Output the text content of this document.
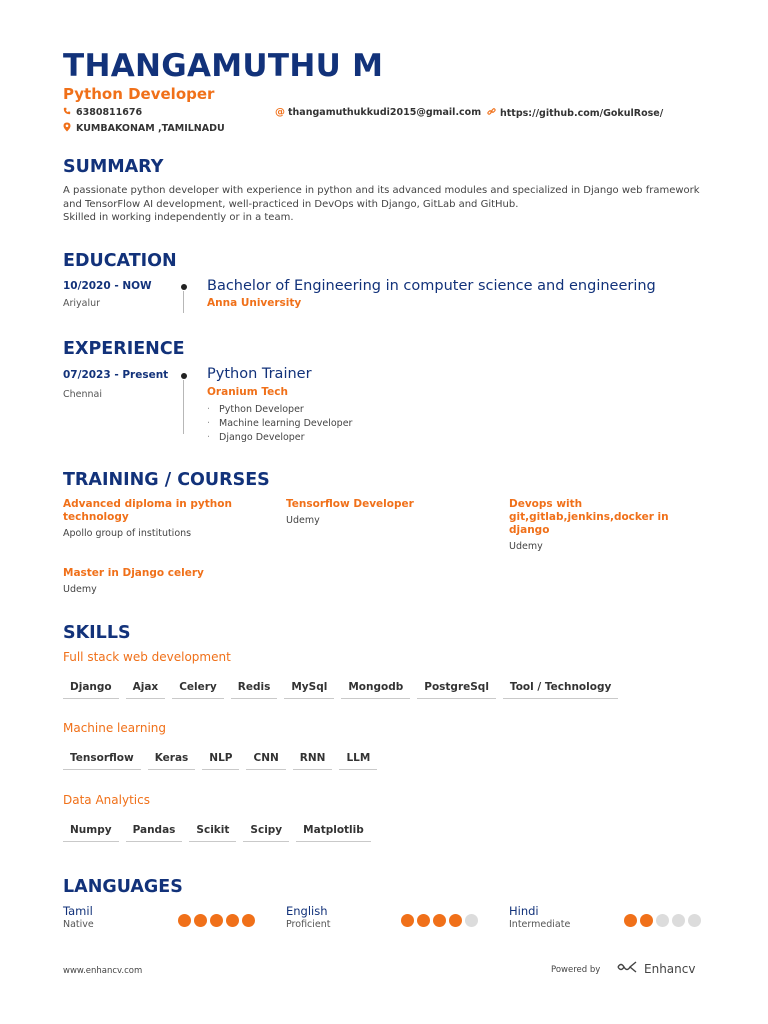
THANGAMUTHU M
Python Developer
6380811676	@ thangamuthukkudi2015@gmail.com https://github.com/GokulRose/
KUMBAKONAM ,TAMILNADU
SUMMARY
A passionate python developer with experience in python and its advanced modules and specialized in Django web framework
and TensorFlow AI development, well-practiced in DevOps with Django, GitLab and GitHub.
Skilled in working independently or in a team.
EDUCATION
10/2020 - NOW
Ariyalur
Bachelor of Engineering in computer science and engineering
Anna University
EXPERIENCE
07/2023 - Present
Chennai
Python Trainer
Oranium Tech
· Python Developer
· Machine learning Developer
· Django Developer
TRAINING / COURSES
Advanced diploma in python technology
Apollo group of institutions
Tensorflow Developer
Udemy
Devops with git,gitlab,jenkins,docker in django
Udemy
Master in Django celery
Udemy
SKILLS
Full stack web development
Django	Ajax	Celery	Redis	MySql	Mongodb	PostgreSql	Tool / Technology
Machine learning
Tensorflow	Keras	NLP	CNN	RNN	LLM
Data Analytics
Numpy	Pandas	Scikit	Scipy	Matplotlib
LANGUAGES
Tamil
Native
English
Proficient
Hindi
Intermediate
www.enhancv.com	Powered by	Enhancv
